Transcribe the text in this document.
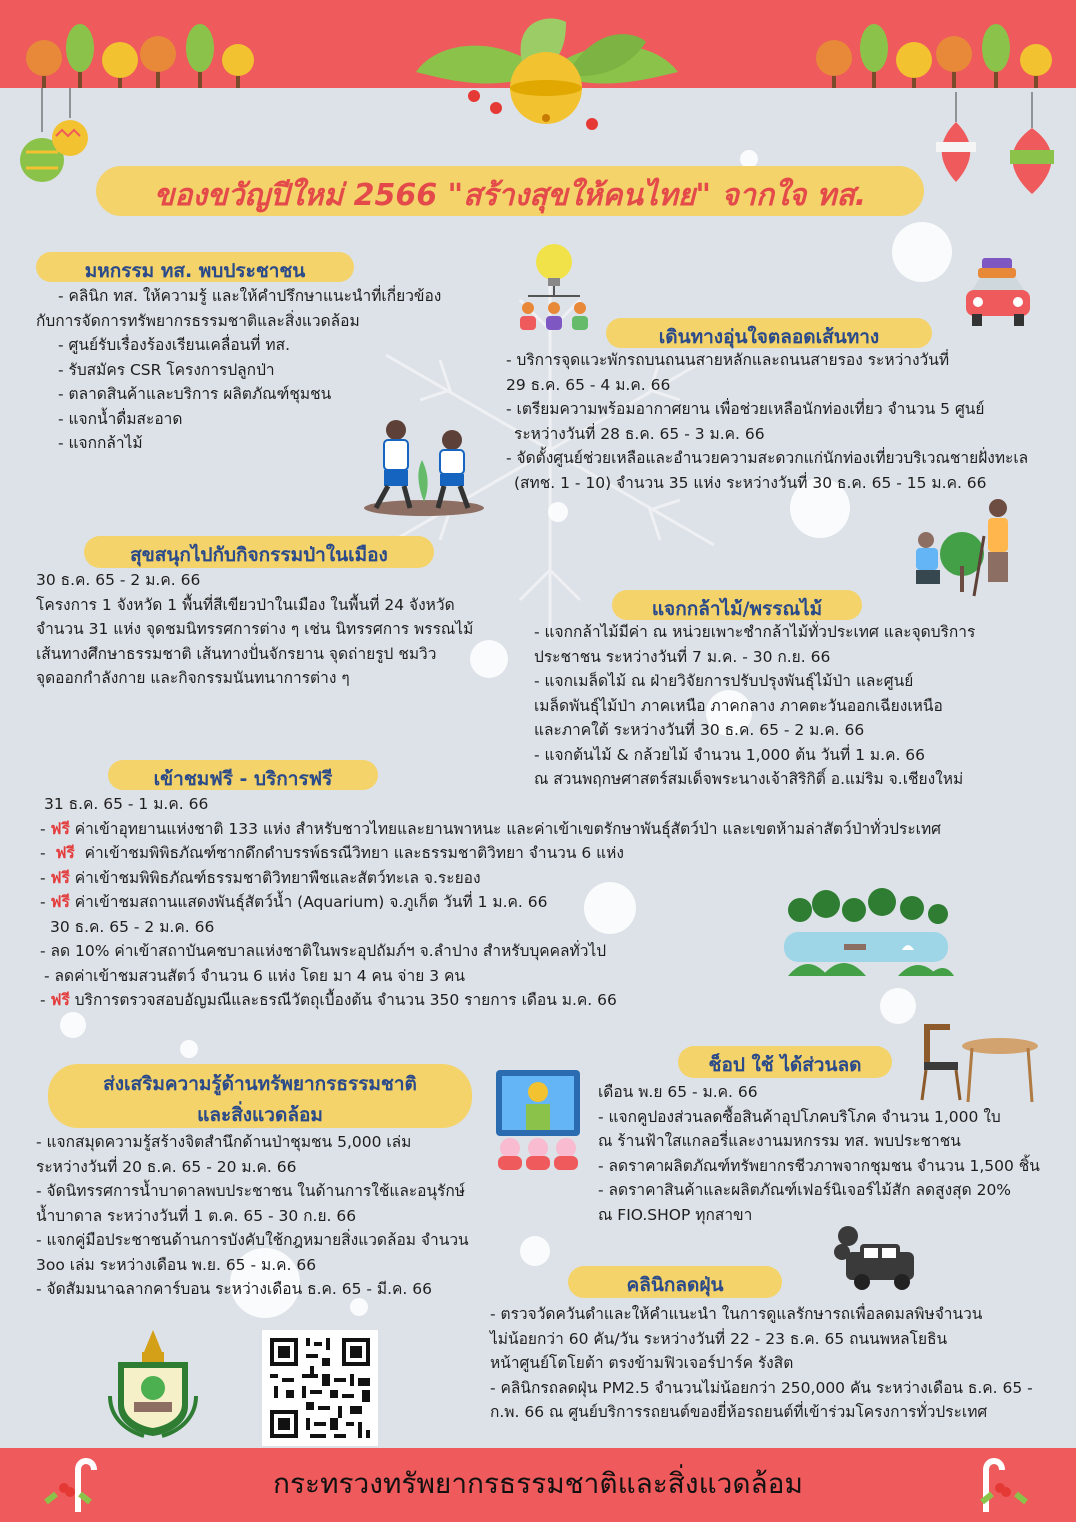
ของขวัญปีใหม่ 2566 "สร้างสุขให้คนไทย" จากใจ ทส.
มหกรรม ทส. พบประชาชน
- คลินิก ทส. ให้ความรู้ และให้คำปรึกษาแนะนำที่เกี่ยวข้อง
กับการจัดการทรัพยากรธรรมชาติและสิ่งแวดล้อม
- ศูนย์รับเรื่องร้องเรียนเคลื่อนที่ ทส.
- รับสมัคร CSR โครงการปลูกป่า
- ตลาดสินค้าและบริการ ผลิตภัณฑ์ชุมชน
- แจกน้ำดื่มสะอาด
- แจกกล้าไม้
เดินทางอุ่นใจตลอดเส้นทาง
- บริการจุดแวะพักรถบนถนนสายหลักและถนนสายรอง ระหว่างวันที่
29 ธ.ค. 65 - 4 ม.ค. 66
- เตรียมความพร้อมอากาศยาน เพื่อช่วยเหลือนักท่องเที่ยว จำนวน 5 ศูนย์
ระหว่างวันที่ 28 ธ.ค. 65 - 3 ม.ค. 66
- จัดตั้งศูนย์ช่วยเหลือและอำนวยความสะดวกแก่นักท่องเที่ยวบริเวณชายฝั่งทะเล
(สทช. 1 - 10) จำนวน 35 แห่ง ระหว่างวันที่ 30 ธ.ค. 65 - 15 ม.ค. 66
สุขสนุกไปกับกิจกรรมป่าในเมือง
30 ธ.ค. 65 - 2 ม.ค. 66
โครงการ 1 จังหวัด 1 พื้นที่สีเขียวป่าในเมือง ในพื้นที่ 24 จังหวัด
จำนวน 31 แห่ง จุดชมนิทรรศการต่าง ๆ เช่น นิทรรศการ พรรณไม้
เส้นทางศึกษาธรรมชาติ เส้นทางปั่นจักรยาน จุดถ่ายรูป ชมวิว
จุดออกกำลังกาย และกิจกรรมนันทนาการต่าง ๆ
แจกกล้าไม้/พรรณไม้
- แจกกล้าไม้มีค่า ณ หน่วยเพาะชำกล้าไม้ทั่วประเทศ และจุดบริการ
ประชาชน ระหว่างวันที่ 7 ม.ค. - 30 ก.ย. 66
- แจกเมล็ดไม้ ณ ฝ่ายวิจัยการปรับปรุงพันธุ์ไม้ป่า และศูนย์
เมล็ดพันธุ์ไม้ป่า ภาคเหนือ ภาคกลาง ภาคตะวันออกเฉียงเหนือ
และภาคใต้ ระหว่างวันที่ 30 ธ.ค. 65 - 2 ม.ค. 66
- แจกต้นไม้ & กล้วยไม้ จำนวน 1,000 ต้น วันที่ 1 ม.ค. 66
ณ สวนพฤกษศาสตร์สมเด็จพระนางเจ้าสิริกิติ์ อ.แม่ริม จ.เชียงใหม่
เข้าชมฟรี - บริการฟรี
31 ธ.ค. 65 - 1 ม.ค. 66
- ฟรี ค่าเข้าอุทยานแห่งชาติ 133 แห่ง สำหรับชาวไทยและยานพาหนะ และค่าเข้าเขตรักษาพันธุ์สัตว์ป่า และเขตห้ามล่าสัตว์ป่าทั่วประเทศ
-  ฟรี ค่าเข้าชมพิพิธภัณฑ์ซากดึกดำบรรพ์ธรณีวิทยา และธรรมชาติวิทยา จำนวน 6 แห่ง
- ฟรี ค่าเข้าชมพิพิธภัณฑ์ธรรมชาติวิทยาพืชและสัตว์ทะเล จ.ระยอง
- ฟรี ค่าเข้าชมสถานแสดงพันธุ์สัตว์น้ำ (Aquarium) จ.ภูเก็ต วันที่ 1 ม.ค. 66
30 ธ.ค. 65 - 2 ม.ค. 66
- ลด 10% ค่าเข้าสถาบันคชบาลแห่งชาติในพระอุปถัมภ์ฯ จ.ลำปาง สำหรับบุคคลทั่วไป
- ลดค่าเข้าชมสวนสัตว์ จำนวน 6 แห่ง โดย มา 4 คน จ่าย 3 คน
- ฟรี บริการตรวจสอบอัญมณีและธรณีวัตถุเบื้องต้น จำนวน 350 รายการ เดือน ม.ค. 66
ส่งเสริมความรู้ด้านทรัพยากรธรรมชาติ
และสิ่งแวดล้อม
- แจกสมุดความรู้สร้างจิตสำนึกด้านป่าชุมชน 5,000 เล่ม
ระหว่างวันที่ 20 ธ.ค. 65 - 20 ม.ค. 66
- จัดนิทรรศการน้ำบาดาลพบประชาชน ในด้านการใช้และอนุรักษ์
น้ำบาดาล ระหว่างวันที่ 1 ต.ค. 65 - 30 ก.ย. 66
- แจกคู่มือประชาชนด้านการบังคับใช้กฎหมายสิ่งแวดล้อม จำนวน
3oo เล่ม ระหว่างเดือน พ.ย. 65 - ม.ค. 66
- จัดสัมมนาฉลากคาร์บอน ระหว่างเดือน ธ.ค. 65 - มี.ค. 66
ช็อป ใช้ ได้ส่วนลด
เดือน พ.ย 65 - ม.ค. 66
- แจกคูปองส่วนลดซื้อสินค้าอุปโภคบริโภค จำนวน 1,000 ใบ
ณ ร้านฟ้าใสแกลอรี่และงานมหกรรม ทส. พบประชาชน
- ลดราคาผลิตภัณฑ์ทรัพยากรชีวภาพจากชุมชน จำนวน 1,500 ชิ้น
- ลดราคาสินค้าและผลิตภัณฑ์เฟอร์นิเจอร์ไม้สัก ลดสูงสุด 20%
ณ FIO.SHOP ทุกสาขา
คลินิกลดฝุ่น
- ตรวจวัดควันดำและให้คำแนะนำ ในการดูแลรักษารถเพื่อลดมลพิษจำนวน
ไม่น้อยกว่า 60 คัน/วัน ระหว่างวันที่ 22 - 23 ธ.ค. 65 ถนนพหลโยธิน
หน้าศูนย์โตโยต้า ตรงข้ามฟิวเจอร์ปาร์ค รังสิต
- คลินิกรถลดฝุ่น PM2.5 จำนวนไม่น้อยกว่า 250,000 คัน ระหว่างเดือน ธ.ค. 65 -
ก.พ. 66 ณ ศูนย์บริการรถยนต์ของยี่ห้อรถยนต์ที่เข้าร่วมโครงการทั่วประเทศ
กระทรวงทรัพยากรธรรมชาติและสิ่งแวดล้อม
